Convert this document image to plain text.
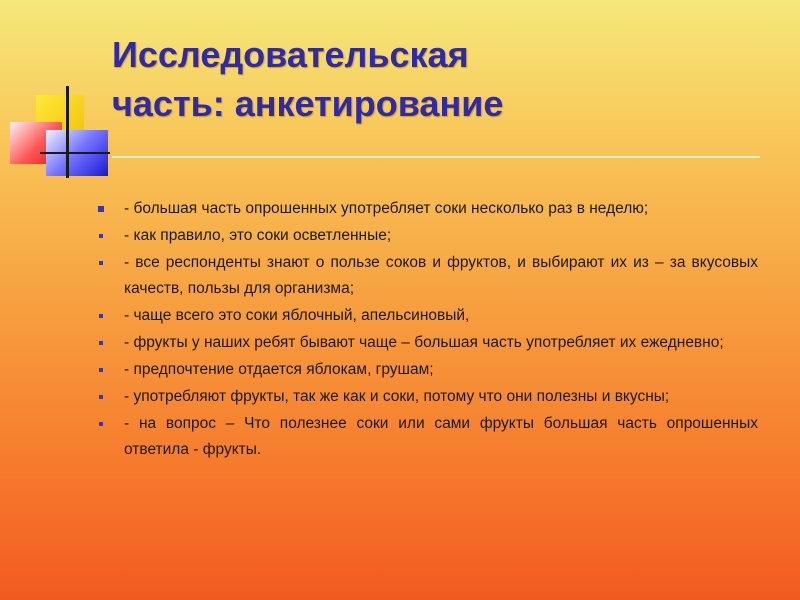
Исследовательская
часть: анкетирование
- большая часть опрошенных употребляет соки несколько раз в неделю;
- как правило, это соки осветленные;
- все респонденты знают о пользе соков и фруктов, и выбирают их из – за вкусовых качеств, пользы для организма;
- чаще всего это соки яблочный, апельсиновый,
- фрукты у наших ребят бывают чаще – большая часть употребляет их ежедневно;
- предпочтение отдается яблокам, грушам;
- употребляют фрукты, так же как и соки, потому что они полезны и вкусны;
- на вопрос – Что полезнее соки или сами фрукты большая часть опрошенных ответила - фрукты.
